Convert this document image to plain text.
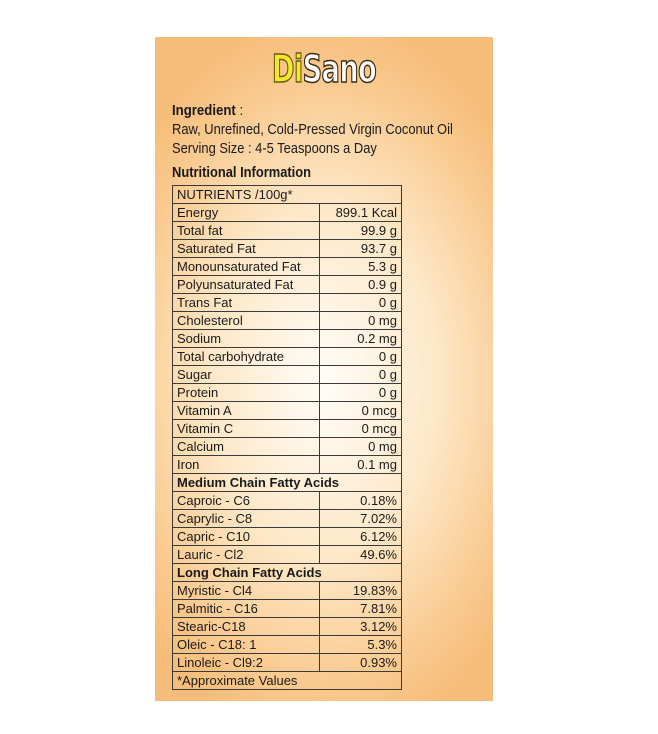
DiSano
Ingredient :
Raw, Unrefined, Cold-Pressed Virgin Coconut Oil
Serving Size : 4-5 Teaspoons a Day
Nutritional Information
NUTRIENTS /100g*	
Energy	899.1 Kcal
Total fat	99.9 g
Saturated Fat	93.7 g
Monounsaturated Fat	5.3 g
Polyunsaturated Fat	0.9 g
Trans Fat	0 g
Cholesterol	0 mg
Sodium	0.2 mg
Total carbohydrate	0 g
Sugar	0 g
Protein	0 g
Vitamin A	0 mcg
Vitamin C	0 mcg
Calcium	0 mg
Iron	0.1 mg
Medium Chain Fatty Acids	
Caproic - C6	0.18%
Caprylic - C8	7.02%
Capric - C10	6.12%
Lauric - Cl2	49.6%
Long Chain Fatty Acids	
Myristic - Cl4	19.83%
Palmitic - C16	7.81%
Stearic-C18	3.12%
Oleic - C18: 1	5.3%
Linoleic - Cl9:2	0.93%
*Approximate Values	
